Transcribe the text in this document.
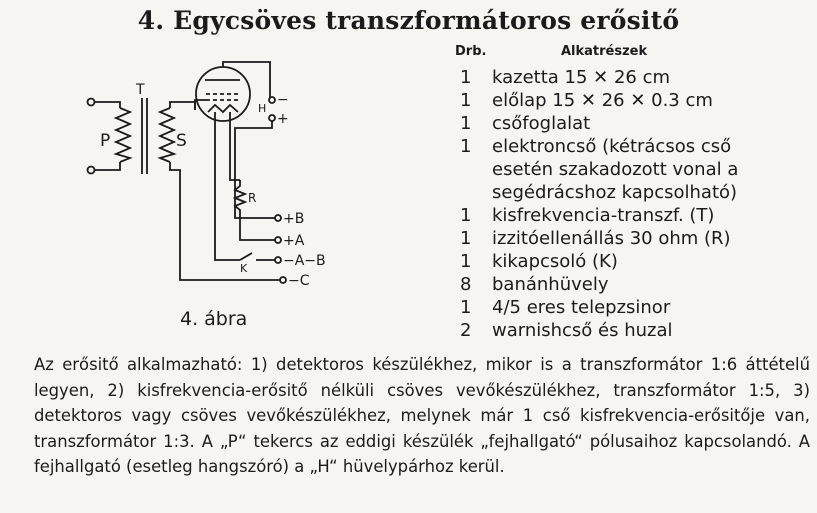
4. Egycsöves transzformátoros erősitő
Drb.	Alkatrészek
1	kazetta 15 ✕ 26 cm
1	előlap 15 ✕ 26 ✕ 0.3 cm
1	csőfoglalat
1	elektroncső (kétrácsos cső
esetén szakadozott vonal a
segédrácshoz kapcsolható)
1	kisfrekvencia-transzf. (T)
1	izzitóellenállás 30 ohm (R)
1	kikapcsoló (K)
8	banánhüvely
1	4/5 eres telepzsinor
2	warnishcső és huzal
T
P	S
H
−
+
R
K
+B
+A
−A−B
−C
4. ábra
Az erősitő alkalmazható: 1) detektoros készülékhez, mikor is a transzformátor 1:6 áttételű legyen, 2) kisfrekvencia-erősitő nélküli csöves vevőkészülékhez, transzformátor 1:5, 3) detektoros vagy csöves vevőkészülékhez, melynek már 1 cső kisfrekvencia-erősitője van, transzformátor 1:3. A „P“ tekercs az eddigi készülék „fejhallgató“ pólusaihoz kapcsolandó. A fejhallgató (esetleg hangszóró) a „H“ hüvelypárhoz kerül.
